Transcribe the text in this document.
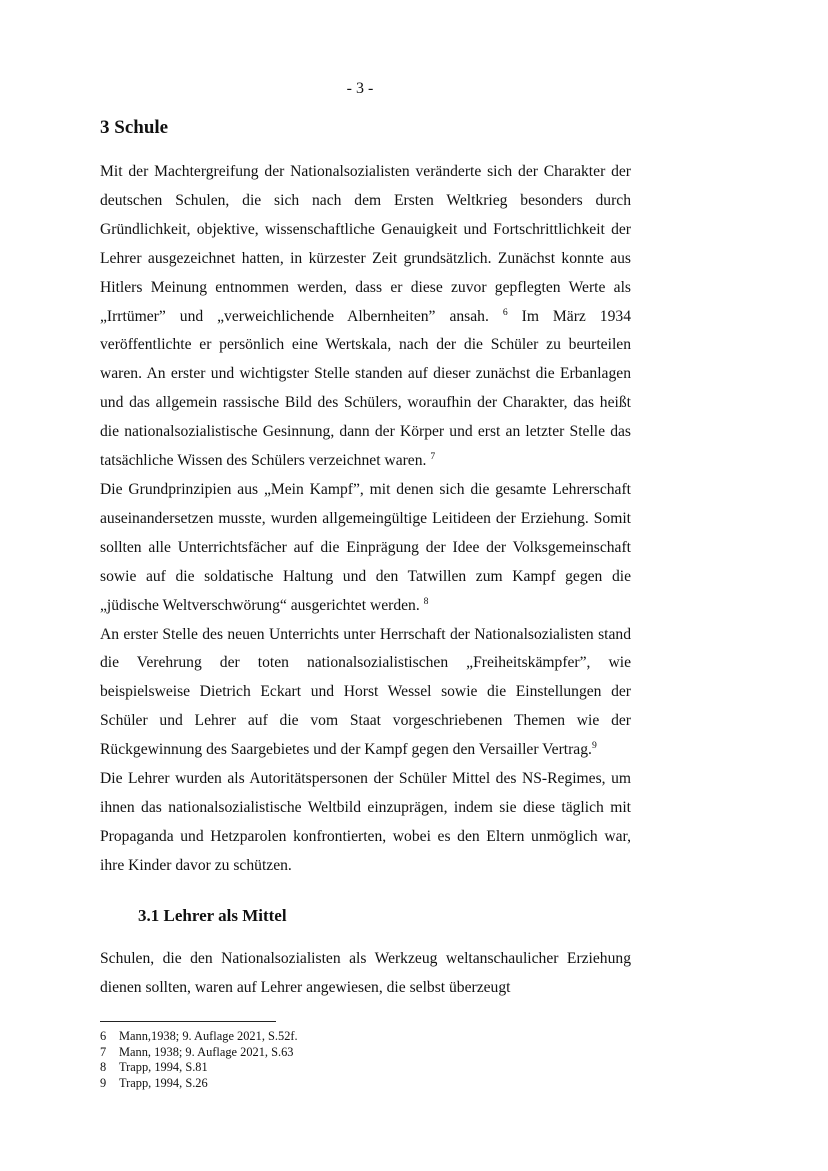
- 3 -
3 Schule

Mit der Machtergreifung der Nationalsozialisten veränderte sich der Charakter der deutschen Schulen, die sich nach dem Ersten Weltkrieg besonders durch Gründlichkeit, objektive, wissenschaftliche Genauigkeit und Fortschrittlichkeit der Lehrer ausgezeichnet hatten, in kürzester Zeit grundsätzlich. Zunächst konnte aus Hitlers Meinung entnommen werden, dass er diese zuvor gepflegten Werte als „Irrtümer” und „verweichlichende Albernheiten” ansah. $^6$ Im März 1934 veröffentlichte er persönlich eine Wertskala, nach der die Schüler zu beurteilen waren. An erster und wichtigster Stelle standen auf dieser zunächst die Erbanlagen und das allgemein rassische Bild des Schülers, woraufhin der Charakter, das heißt die nationalsozialistische Gesinnung, dann der Körper und erst an letzter Stelle das tatsächliche Wissen des Schülers verzeichnet waren. $^7$

Die Grundprinzipien aus „Mein Kampf”, mit denen sich die gesamte Lehrerschaft auseinandersetzen musste, wurden allgemeingültige Leitideen der Erziehung. Somit sollten alle Unterrichtsfächer auf die Einprägung der Idee der Volksgemeinschaft sowie auf die soldatische Haltung und den Tatwillen zum Kampf gegen die „jüdische Weltverschwörung“ ausgerichtet werden. $^8$

An erster Stelle des neuen Unterrichts unter Herrschaft der Nationalsozialisten stand die Verehrung der toten nationalsozialistischen „Freiheitskämpfer”, wie beispielsweise Dietrich Eckart und Horst Wessel sowie die Einstellungen der Schüler und Lehrer auf die vom Staat vorgeschriebenen Themen wie der Rückgewinnung des Saargebietes und der Kampf gegen den Versailler Vertrag.$^9$

Die Lehrer wurden als Autoritätspersonen der Schüler Mittel des NS-Regimes, um ihnen das nationalsozialistische Weltbild einzuprägen, indem sie diese täglich mit Propaganda und Hetzparolen konfrontierten, wobei es den Eltern unmöglich war, ihre Kinder davor zu schützen.

3.1 Lehrer als Mittel

Schulen, die den Nationalsozialisten als Werkzeug weltanschaulicher Erziehung dienen sollten, waren auf Lehrer angewiesen, die selbst überzeugt

6	Mann,1938; 9. Auflage 2021, S.52f.
7	Mann, 1938; 9. Auflage 2021, S.63
8	Trapp, 1994, S.81
9	Trapp, 1994, S.26
